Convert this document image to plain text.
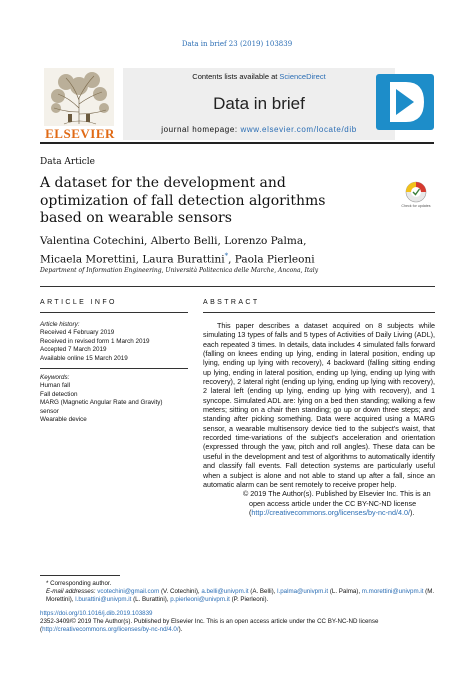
Data in brief 23 (2019) 103839
ELSEVIER
Contents lists available at ScienceDirect
Data in brief
journal homepage: www.elsevier.com/locate/dib
Data Article
A dataset for the development and optimization of fall detection algorithms based on wearable sensors
Check for updates
Valentina Cotechini, Alberto Belli, Lorenzo Palma,
Micaela Morettini, Laura Burattini*, Paola Pierleoni
Department of Information Engineering, Università Politecnica delle Marche, Ancona, Italy
ARTICLE INFO
Article history:
Received 4 February 2019
Received in revised form 1 March 2019
Accepted 7 March 2019
Available online 15 March 2019
Keywords:
Human fall
Fall detection
MARG (Magnetic Angular Rate and Gravity)
sensor
Wearable device
ABSTRACT
This paper describes a dataset acquired on 8 subjects while simulating 13 types of falls and 5 types of Activities of Daily Living (ADL), each repeated 3 times. In details, data includes 4 simulated falls forward (falling on knees ending up lying, ending in lateral position, ending up lying, ending up lying with recovery), 4 backward (falling sitting ending up lying, ending in lateral position, ending up lying, ending up lying with recovery), 2 lateral right (ending up lying, ending up lying with recovery), 2 lateral left (ending up lying, ending up lying with recovery), and 1 syncope. Simulated ADL are: lying on a bed then standing; walking a few meters; sitting on a chair then standing; go up or down three steps; and standing after picking something. Data were acquired using a MARG sensor, a wearable multisensory device tied to the subject's waist, that recorded time-variations of the subject's acceleration and orientation (expressed through the yaw, pitch and roll angles). These data can be useful in the development and test of algorithms to automatically identify and classify fall events. Fall detection systems are particularly useful when a subject is alone and not able to stand up after a fall, since an automatic alarm can be sent remotely to receive proper help.
© 2019 The Author(s). Published by Elsevier Inc. This is an open access article under the CC BY-NC-ND license (http://creativecommons.org/licenses/by-nc-nd/4.0/).
* Corresponding author.
E-mail addresses: vcotechini@gmail.com (V. Cotechini), a.belli@univpm.it (A. Belli), l.palma@univpm.it (L. Palma), m.morettini@univpm.it (M. Morettini), l.burattini@univpm.it (L. Burattini), p.pierleoni@univpm.it (P. Pierleoni).
https://doi.org/10.1016/j.dib.2019.103839
2352-3409/© 2019 The Author(s). Published by Elsevier Inc. This is an open access article under the CC BY-NC-ND license (http://creativecommons.org/licenses/by-nc-nd/4.0/).
